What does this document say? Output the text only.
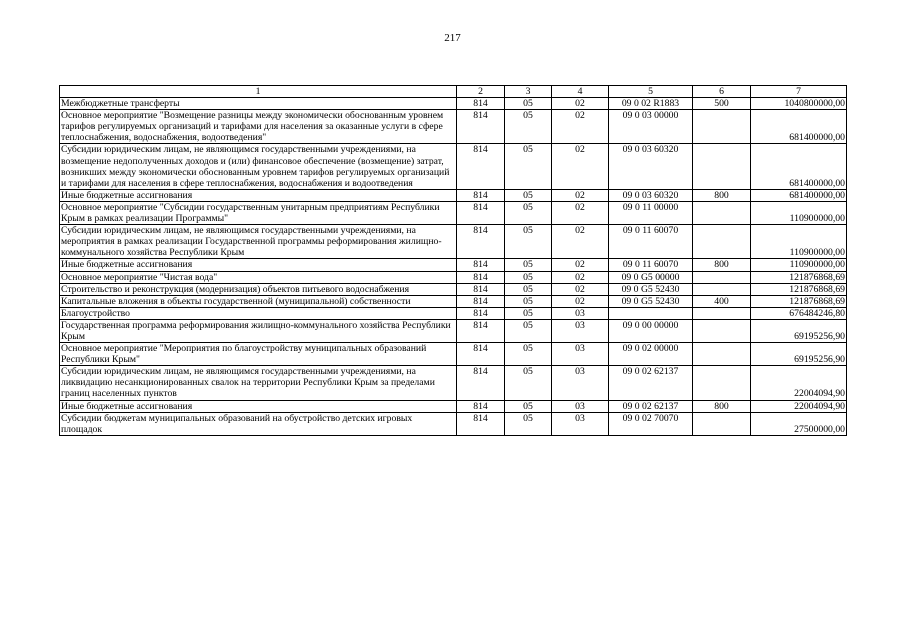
217
1	2	3	4	5	6	7
Межбюджетные трансферты	814	05	02	09 0 02 R1883	500	1040800000,00
Основное мероприятие "Возмещение разницы между экономически обоснованным уровнем тарифов регулируемых организаций и тарифами для населения за оказанные услуги в сфере теплоснабжения, водоснабжения, водоотведения"	814	05	02	09 0 03 00000		681400000,00
Субсидии юридическим лицам, не являющимся государственными учреждениями, на возмещение недополученных доходов и (или) финансовое обеспечение (возмещение) затрат, возникших между экономически обоснованным уровнем тарифов регулируемых организаций и тарифами для населения в сфере теплоснабжения, водоснабжения и водоотведения	814	05	02	09 0 03 60320		681400000,00
Иные бюджетные ассигнования	814	05	02	09 0 03 60320	800	681400000,00
Основное мероприятие "Субсидии государственным унитарным предприятиям Республики Крым в рамках реализации Программы"	814	05	02	09 0 11 00000		110900000,00
Субсидии юридическим лицам, не являющимся государственными учреждениями, на мероприятия в рамках реализации Государственной программы реформирования жилищно-коммунального хозяйства Республики Крым	814	05	02	09 0 11 60070		110900000,00
Иные бюджетные ассигнования	814	05	02	09 0 11 60070	800	110900000,00
Основное мероприятие "Чистая вода"	814	05	02	09 0 G5 00000		121876868,69
Строительство и реконструкция (модернизация) объектов питьевого водоснабжения	814	05	02	09 0 G5 52430		121876868,69
Капитальные вложения в объекты государственной (муниципальной) собственности	814	05	02	09 0 G5 52430	400	121876868,69
Благоустройство	814	05	03			676484246,80
Государственная программа реформирования жилищно-коммунального хозяйства Республики Крым	814	05	03	09 0 00 00000		69195256,90
Основное мероприятие "Мероприятия по благоустройству муниципальных образований Республики Крым"	814	05	03	09 0 02 00000		69195256,90
Субсидии юридическим лицам, не являющимся государственными учреждениями, на ликвидацию несанкционированных свалок на территории Республики Крым за пределами границ населенных пунктов	814	05	03	09 0 02 62137		22004094,90
Иные бюджетные ассигнования	814	05	03	09 0 02 62137	800	22004094,90
Субсидии бюджетам муниципальных образований на обустройство детских игровых площадок	814	05	03	09 0 02 70070		27500000,00
